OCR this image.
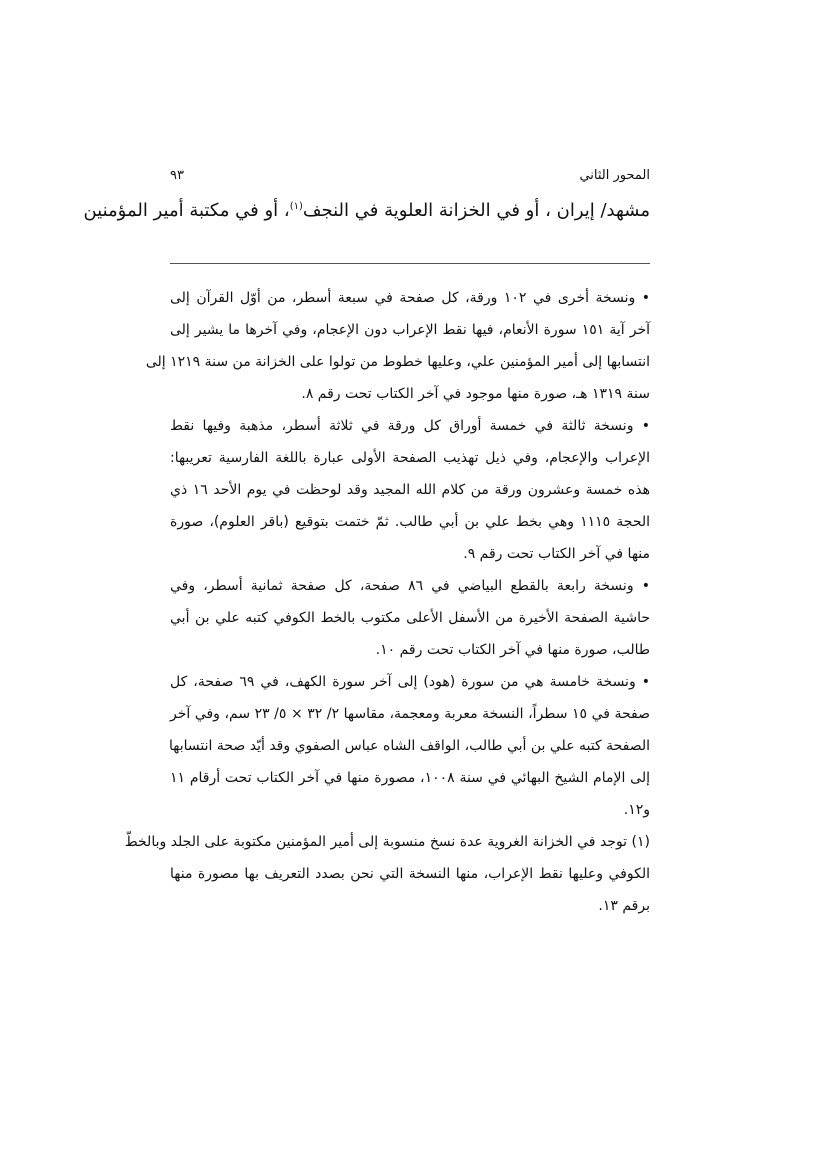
المحور الثاني
٩٣
مشهد/ إيران ، أو في الخزانة العلوية في النجف$^{(١)}$، أو في مكتبة أمير المؤمنين
• ونسخة أخرى في ١٠٢ ورقة، كل صفحة في سبعة أسطر، من أوّل القرآن إلى
آخر آية ١٥١ سورة الأنعام، فيها نقط الإعراب دون الإعجام، وفي آخرها ما يشير إلى
انتسابها إلى أمير المؤمنين علي، وعليها خطوط من تولوا على الخزانة من سنة ١٢١٩ إلى
سنة ١٣١٩ هـ، صورة منها موجود في آخر الكتاب تحت رقم ٨.
• ونسخة ثالثة في خمسة أوراق كل ورقة في ثلاثة أسطر، مذهبة وفيها نقط
الإعراب والإعجام، وفي ذيل تهذيب الصفحة الأولى عبارة باللغة الفارسية تعريبها:
هذه خمسة وعشرون ورقة من كلام الله المجيد وقد لوحظت في يوم الأحد ١٦ ذي
الحجة ١١١٥ وهي بخط علي بن أبي طالب. ثمّ ختمت بتوقيع (باقر العلوم)، صورة
منها في آخر الكتاب تحت رقم ٩.
• ونسخة رابعة بالقطع البياضي في ٨٦ صفحة، كل صفحة ثمانية أسطر، وفي
حاشية الصفحة الأخيرة من الأسفل الأعلى مكتوب بالخط الكوفي كتبه علي بن أبي
طالب، صورة منها في آخر الكتاب تحت رقم ١٠.
• ونسخة خامسة هي من سورة (هود) إلى آخر سورة الكهف، في ٦٩ صفحة، كل
صفحة في ١٥ سطراً، النسخة معربة ومعجمة، مقاسها ٢/ ٣٢ × ٥/ ٢٣ سم، وفي آخر
الصفحة كتبه علي بن أبي طالب، الواقف الشاه عباس الصفوي وقد أيّد صحة انتسابها
إلى الإمام الشيخ البهائي في سنة ١٠٠٨، مصورة منها في آخر الكتاب تحت أرقام ١١
و١٢.
(١) توجد في الخزانة الغروية عدة نسخ منسوبة إلى أمير المؤمنين مكتوبة على الجلد وبالخطّ
الكوفي وعليها نقط الإعراب، منها النسخة التي نحن بصدد التعريف بها مصورة منها
برقم ١٣.
